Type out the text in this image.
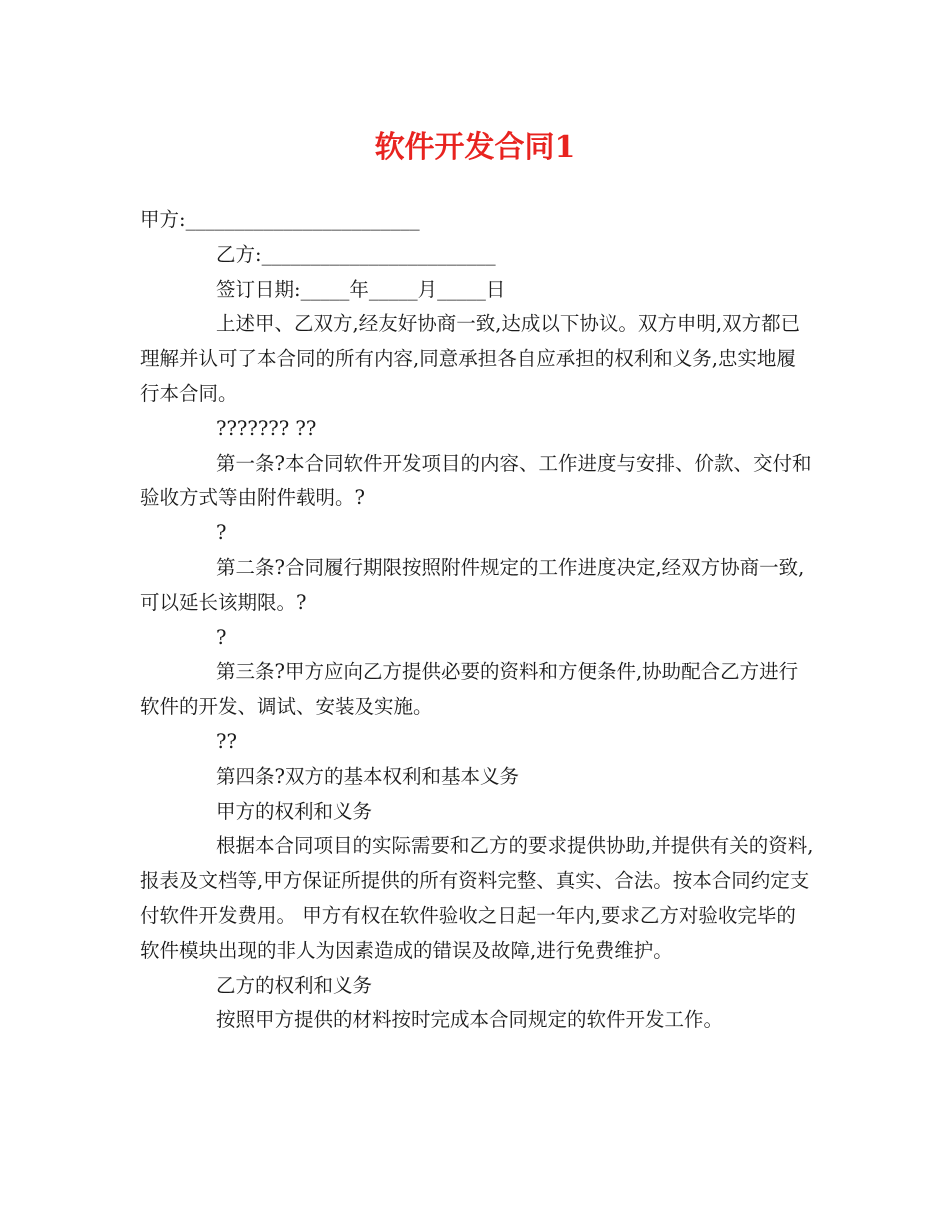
软件开发合同1

甲方:________________________

乙方:________________________

签订日期:_____年_____月_____日

上述甲、乙双方,经友好协商一致,达成以下协议。双方申明,双方都已理解并认可了本合同的所有内容,同意承担各自应承担的权利和义务,忠实地履行本合同。

??????? ??

第一条?本合同软件开发项目的内容、工作进度与安排、价款、交付和验收方式等由附件载明。?

?

第二条?合同履行期限按照附件规定的工作进度决定,经双方协商一致,可以延长该期限。?

?

第三条?甲方应向乙方提供必要的资料和方便条件,协助配合乙方进行软件的开发、调试、安装及实施。

??

第四条?双方的基本权利和基本义务

甲方的权利和义务

根据本合同项目的实际需要和乙方的要求提供协助,并提供有关的资料,报表及文档等,甲方保证所提供的所有资料完整、真实、合法。按本合同约定支付软件开发费用。 甲方有权在软件验收之日起一年内,要求乙方对验收完毕的软件模块出现的非人为因素造成的错误及故障,进行免费维护。

乙方的权利和义务

按照甲方提供的材料按时完成本合同规定的软件开发工作。
